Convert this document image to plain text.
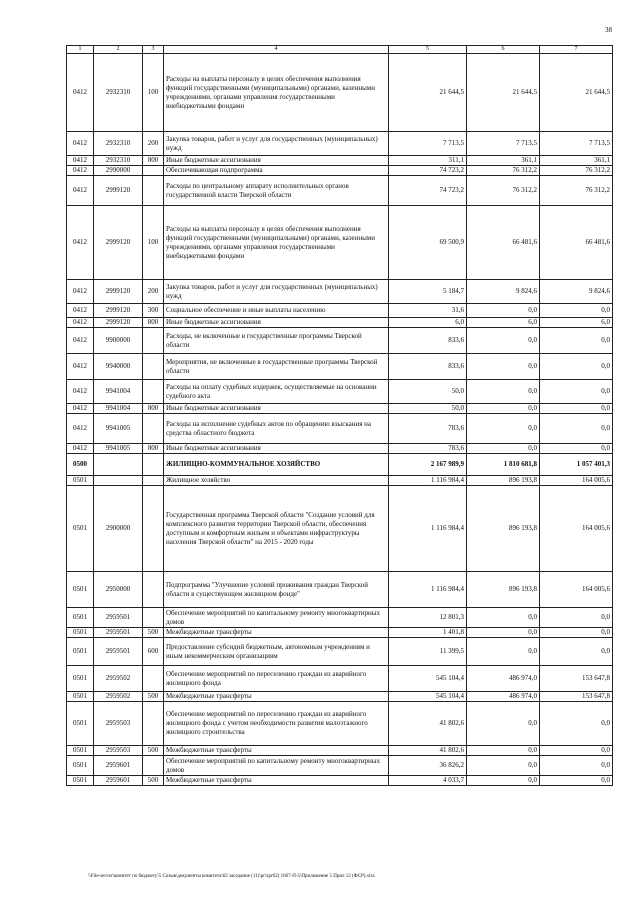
38
1	2	3	4	5	6	7
0412	2932310	100	Расходы на выплаты персоналу в целях обеспечения выполнения функций государственными (муниципальными) органами, казенными учреждениями, органами управления государственными внебюджетными фондами	21 644,5	21 644,5	21 644,5
0412	2932310	200	Закупка товаров, работ и услуг для государственных (муниципальных) нужд	7 713,5	7 713,5	7 713,5
0412	2932310	800	Иные бюджетные ассигнования	311,1	361,1	361,1
0412	2990000		Обеспечивающая подпрограмма	74 723,2	76 312,2	76 312,2
0412	2999120		Расходы по центральному аппарату исполнительных органов государственной власти Тверской области	74 723,2	76 312,2	76 312,2
0412	2999120	100	Расходы на выплаты персоналу в целях обеспечения выполнения функций государственными (муниципальными) органами, казенными учреждениями, органами управления государственными внебюджетными фондами	69 500,9	66 481,6	66 481,6
0412	2999120	200	Закупка товаров, работ и услуг для государственных (муниципальных) нужд	5 184,7	9 824,6	9 824,6
0412	2999120	300	Социальное обеспечение и иные выплаты населению	31,6	0,0	0,0
0412	2999120	800	Иные бюджетные ассигнования	6,0	6,0	6,0
0412	9900000		Расходы, не включенные в государственные программы Тверской области	833,6	0,0	0,0
0412	9940000		Мероприятия, не включенные в государственные программы Тверской области	833,6	0,0	0,0
0412	9941004		Расходы на оплату судебных издержек, осуществляемые на основании судебного акта	50,0	0,0	0,0
0412	9941004	800	Иные бюджетные ассигнования	50,0	0,0	0,0
0412	9941005		Расходы на исполнение судебных актов по обращению взыскания на средства областного бюджета	783,6	0,0	0,0
0412	9941005	800	Иные бюджетные ассигнования	783,6	0,0	0,0
0500			ЖИЛИЩНО-КОММУНАЛЬНОЕ ХОЗЯЙСТВО	2 167 989,9	1 810 681,8	1 057 401,3
0501			Жилищное хозяйство	1 116 984,4	896 193,8	164 005,6
0501	2900000		Государственная программа Тверской области "Создание условий для комплексного развития территории Тверской области, обеспечения доступным и комфортным жильем и объектами инфраструктуры населения Тверской области" на 2015 - 2020 годы	1 116 984,4	896 193,8	164 005,6
0501	2950000		Подпрограмма "Улучшение условий проживания граждан Тверской области в существующем жилищном фонде"	1 116 984,4	896 193,8	164 005,6
0501	2959501		Обеспечение мероприятий по капитальному ремонту многоквартирных домов	12 801,3	0,0	0,0
0501	2959501	500	Межбюджетные трансферты	1 401,8	0,0	0,0
0501	2959501	600	Предоставление субсидий бюджетным, автономным учреждениям и иным некоммерческим организациям	11 399,5	0,0	0,0
0501	2959502		Обеспечение мероприятий по переселению граждан из аварийного жилищного фонда	545 104,4	486 974,0	153 647,8
0501	2959502	500	Межбюджетные трансферты	545 104,4	486 974,0	153 647,8
0501	2959503		Обеспечение мероприятий по переселению граждан из аварийного жилищного фонда с учетом необходимости развития малоэтажного жилищного строительства	41 802,6	0,0	0,0
0501	2959503	500	Межбюджетные трансферты	41 802,6	0,0	0,0
0501	2959601		Обеспечение мероприятий по капитальному ремонту многоквартирных домов	36 826,2	0,0	0,0
0501	2959601	500	Межбюджетные трансферты	4 033,7	0,0	0,0
\\File-server\комитет по бюджету\5 Созыв\документы комитета\62 заседание (11)\pr\zpr62) 1667-П-5\Приложение 5 Прил 12 (ФСР).xlsx
